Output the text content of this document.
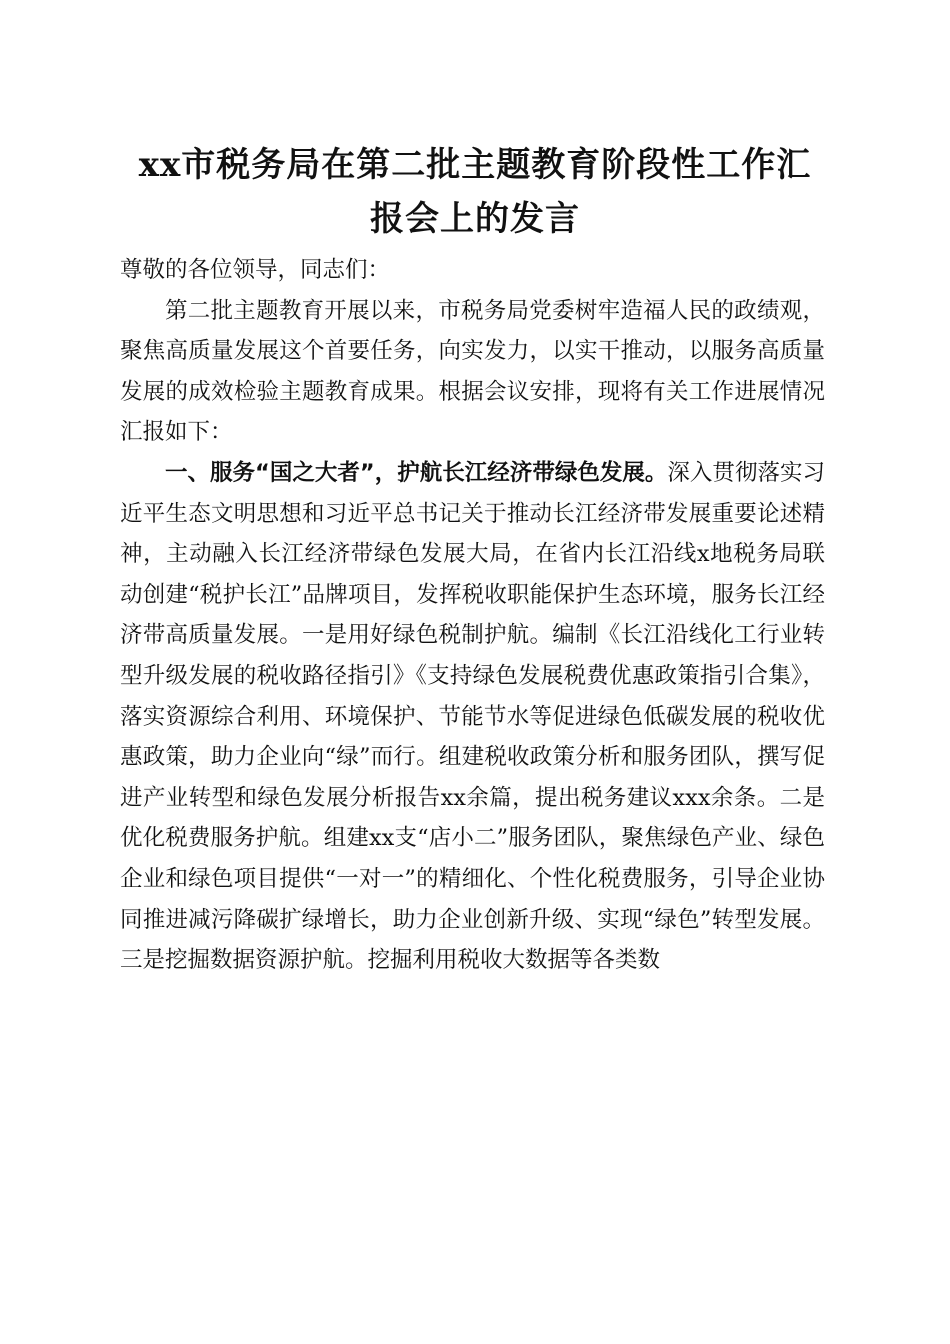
xx市税务局在第二批主题教育阶段性工作汇
报会上的发言

尊敬的各位领导，同志们：

第二批主题教育开展以来，市税务局党委树牢造福人民的政绩观，聚焦高质量发展这个首要任务，向实发力，以实干推动，以服务高质量发展的成效检验主题教育成果。根据会议安排，现将有关工作进展情况汇报如下：

一、服务“国之大者”，护航长江经济带绿色发展。深入贯彻落实习近平生态文明思想和习近平总书记关于推动长江经济带发展重要论述精神，主动融入长江经济带绿色发展大局，在省内长江沿线x地税务局联动创建“税护长江”品牌项目，发挥税收职能保护生态环境，服务长江经济带高质量发展。一是用好绿色税制护航。编制《长江沿线化工行业转型升级发展的税收路径指引》《支持绿色发展税费优惠政策指引合集》，落实资源综合利用、环境保护、节能节水等促进绿色低碳发展的税收优惠政策，助力企业向“绿”而行。组建税收政策分析和服务团队，撰写促进产业转型和绿色发展分析报告xx余篇，提出税务建议xxx余条。二是优化税费服务护航。组建xx支“店小二”服务团队，聚焦绿色产业、绿色企业和绿色项目提供“一对一”的精细化、个性化税费服务，引导企业协同推进减污降碳扩绿增长，助力企业创新升级、实现“绿色”转型发展。三是挖掘数据资源护航。挖掘利用税收大数据等各类数
